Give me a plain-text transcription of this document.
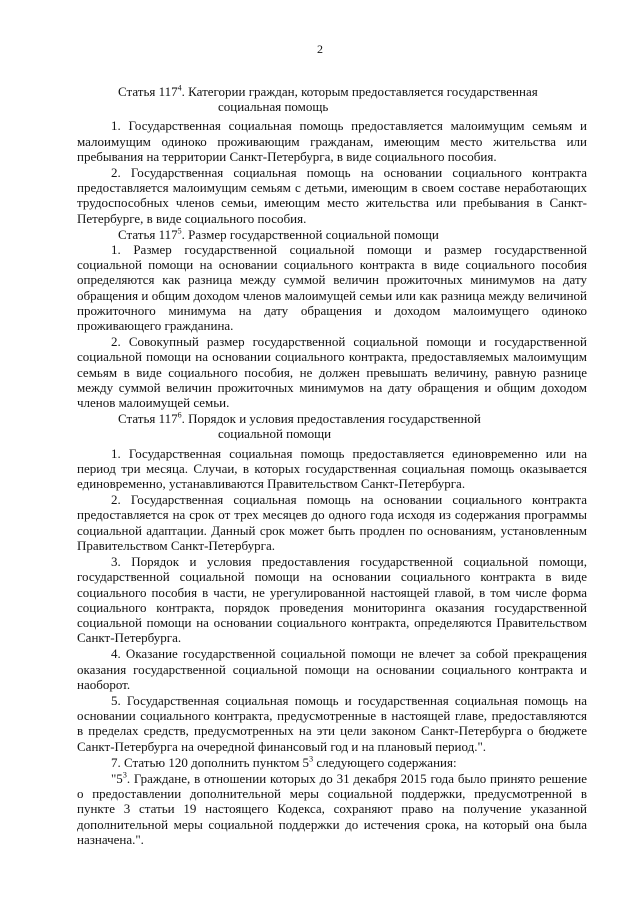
2
Статья $117^4$. Категории граждан, которым предоставляется государственная
социальная помощь

1. Государственная социальная помощь предоставляется малоимущим семьям и малоимущим одиноко проживающим гражданам, имеющим место жительства или пребывания на территории Санкт-Петербурга, в виде социального пособия.

2. Государственная социальная помощь на основании социального контракта предоставляется малоимущим семьям с детьми, имеющим в своем составе неработающих трудоспособных членов семьи, имеющим место жительства или пребывания в Санкт-Петербурге, в виде социального пособия.

Статья $117^5$. Размер государственной социальной помощи

1. Размер государственной социальной помощи и размер государственной социальной помощи на основании социального контракта в виде социального пособия определяются как разница между суммой величин прожиточных минимумов на дату обращения и общим доходом членов малоимущей семьи или как разница между величиной прожиточного минимума на дату обращения и доходом малоимущего одиноко проживающего гражданина.

2. Совокупный размер государственной социальной помощи и государственной социальной помощи на основании социального контракта, предоставляемых малоимущим семьям в виде социального пособия, не должен превышать величину, равную разнице между суммой величин прожиточных минимумов на дату обращения и общим доходом членов малоимущей семьи.

Статья $117^6$. Порядок и условия предоставления государственной
социальной помощи

1. Государственная социальная помощь предоставляется единовременно или на период три месяца. Случаи, в которых государственная социальная помощь оказывается единовременно, устанавливаются Правительством Санкт-Петербурга.

2. Государственная социальная помощь на основании социального контракта предоставляется на срок от трех месяцев до одного года исходя из содержания программы социальной адаптации. Данный срок может быть продлен по основаниям, установленным Правительством Санкт-Петербурга.

3. Порядок и условия предоставления государственной социальной помощи, государственной социальной помощи на основании социального контракта в виде социального пособия в части, не урегулированной настоящей главой, в том числе форма социального контракта, порядок проведения мониторинга оказания государственной социальной помощи на основании социального контракта, определяются Правительством Санкт-Петербурга.

4. Оказание государственной социальной помощи не влечет за собой прекращения оказания государственной социальной помощи на основании социального контракта и наоборот.

5. Государственная социальная помощь и государственная социальная помощь на основании социального контракта, предусмотренные в настоящей главе, предоставляются в пределах средств, предусмотренных на эти цели законом Санкт-Петербурга о бюджете Санкт-Петербурга на очередной финансовый год и на плановый период.".

7. Статью 120 дополнить пунктом $5^3$ следующего содержания:

"$5^3$. Граждане, в отношении которых до 31 декабря 2015 года было принято решение о предоставлении дополнительной меры социальной поддержки, предусмотренной в пункте 3 статьи 19 настоящего Кодекса, сохраняют право на получение указанной дополнительной меры социальной поддержки до истечения срока, на который она была назначена.".
